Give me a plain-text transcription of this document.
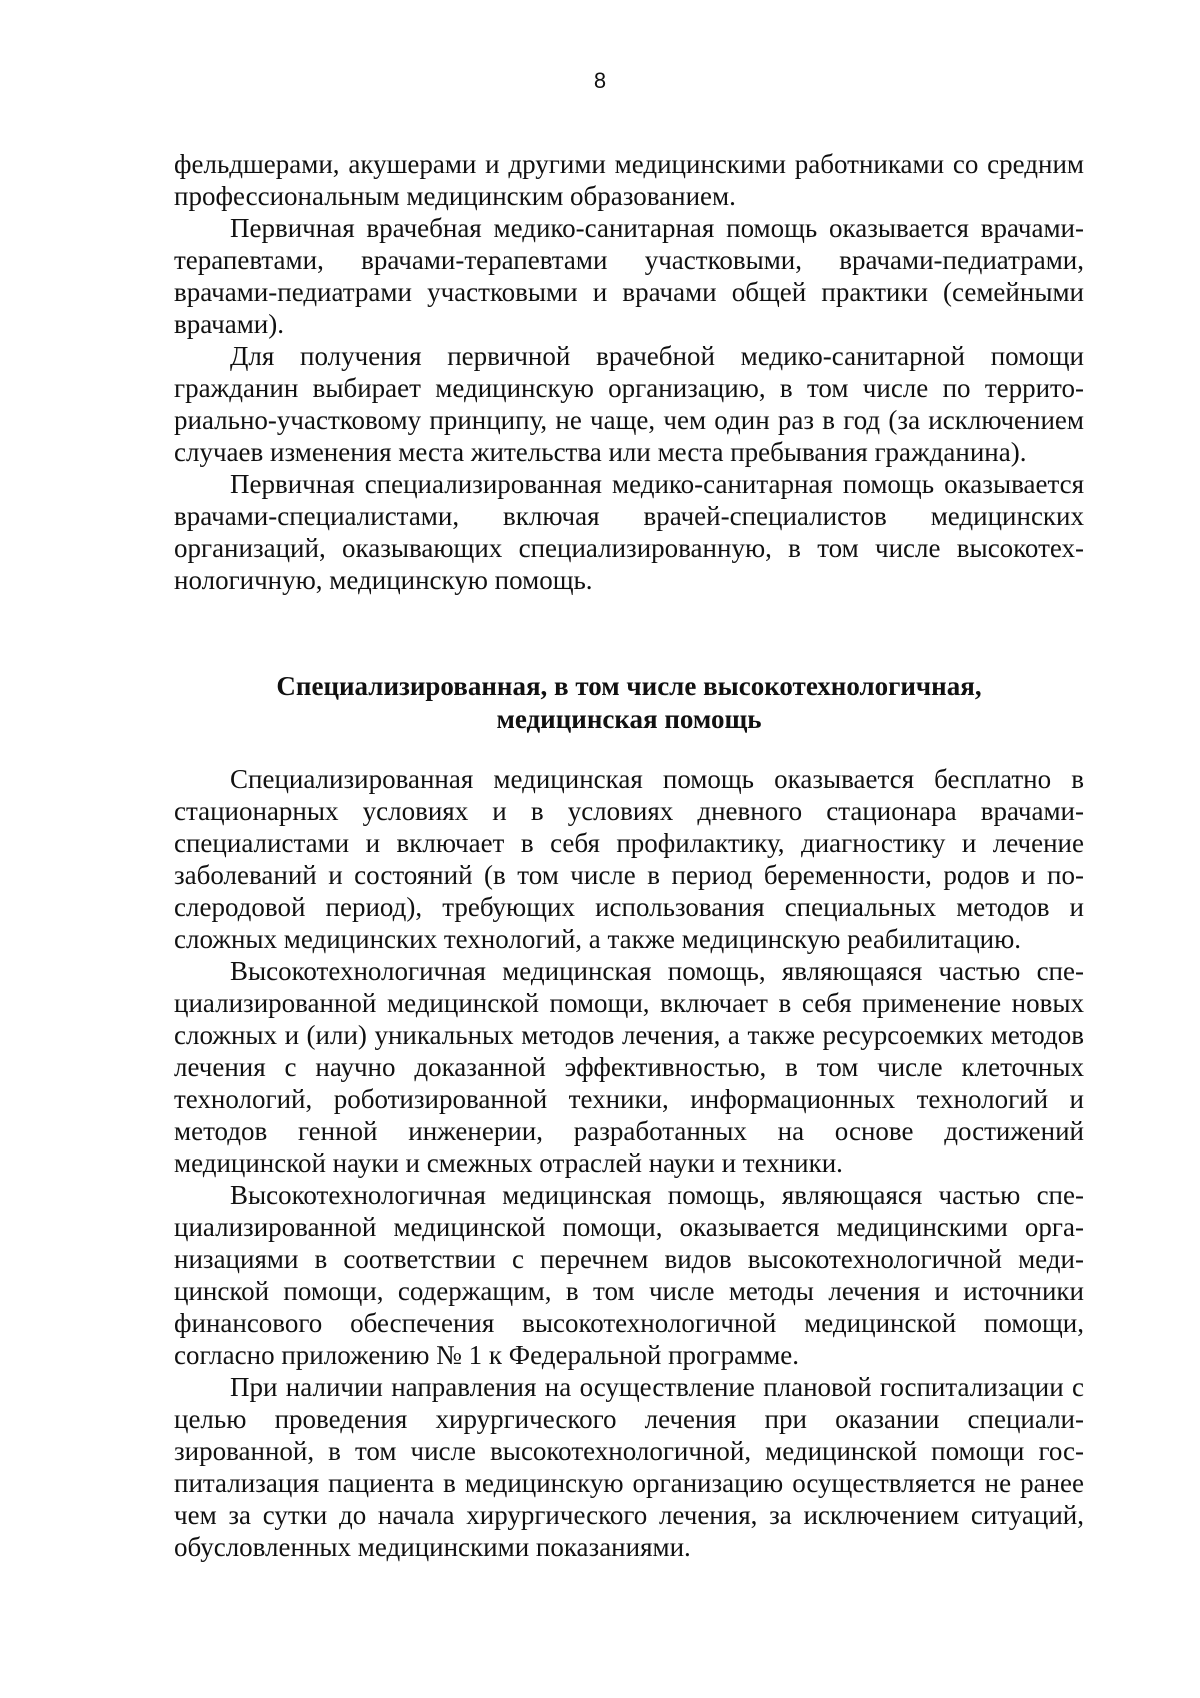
8

фельдшерами, акушерами и другими медицинскими работниками со средним профессиональным медицинским образованием.

Первичная врачебная медико-санитарная помощь оказывается врачами-терапевтами, врачами-терапевтами участковыми, врачами-педиатрами, врачами-педиатрами участковыми и врачами общей практики (семейными врачами).

Для получения первичной врачебной медико-санитарной помощи гражданин выбирает медицинскую организацию, в том числе по территориально-участковому принципу, не чаще, чем один раз в год (за исключением случаев изменения места жительства или места пребывания гражданина).

Первичная специализированная медико-санитарная помощь оказывается врачами-специалистами, включая врачей-специалистов медицинских организаций, оказывающих специализированную, в том числе высокотехнологичную, медицинскую помощь.

Специализированная, в том числе высокотехнологичная,
медицинская помощь

Специализированная медицинская помощь оказывается бесплатно в стационарных условиях и в условиях дневного стационара врачами-специалистами и включает в себя профилактику, диагностику и лечение заболеваний и состояний (в том числе в период беременности, родов и послеродовой период), требующих использования специальных методов и сложных медицинских технологий, а также медицинскую реабилитацию.

Высокотехнологичная медицинская помощь, являющаяся частью специализированной медицинской помощи, включает в себя применение новых сложных и (или) уникальных методов лечения, а также ресурсоемких методов лечения с научно доказанной эффективностью, в том числе клеточных технологий, роботизированной техники, информационных технологий и методов генной инженерии, разработанных на основе достижений медицинской науки и смежных отраслей науки и техники.

Высокотехнологичная медицинская помощь, являющаяся частью специализированной медицинской помощи, оказывается медицинскими организациями в соответствии с перечнем видов высокотехнологичной медицинской помощи, содержащим, в том числе методы лечения и источники финансового обеспечения высокотехнологичной медицинской помощи, согласно приложению № 1 к Федеральной программе.

При наличии направления на осуществление плановой госпитализации с целью проведения хирургического лечения при оказании специализированной, в том числе высокотехнологичной, медицинской помощи госпитализация пациента в медицинскую организацию осуществляется не ранее чем за сутки до начала хирургического лечения, за исключением ситуаций, обусловленных медицинскими показаниями.
